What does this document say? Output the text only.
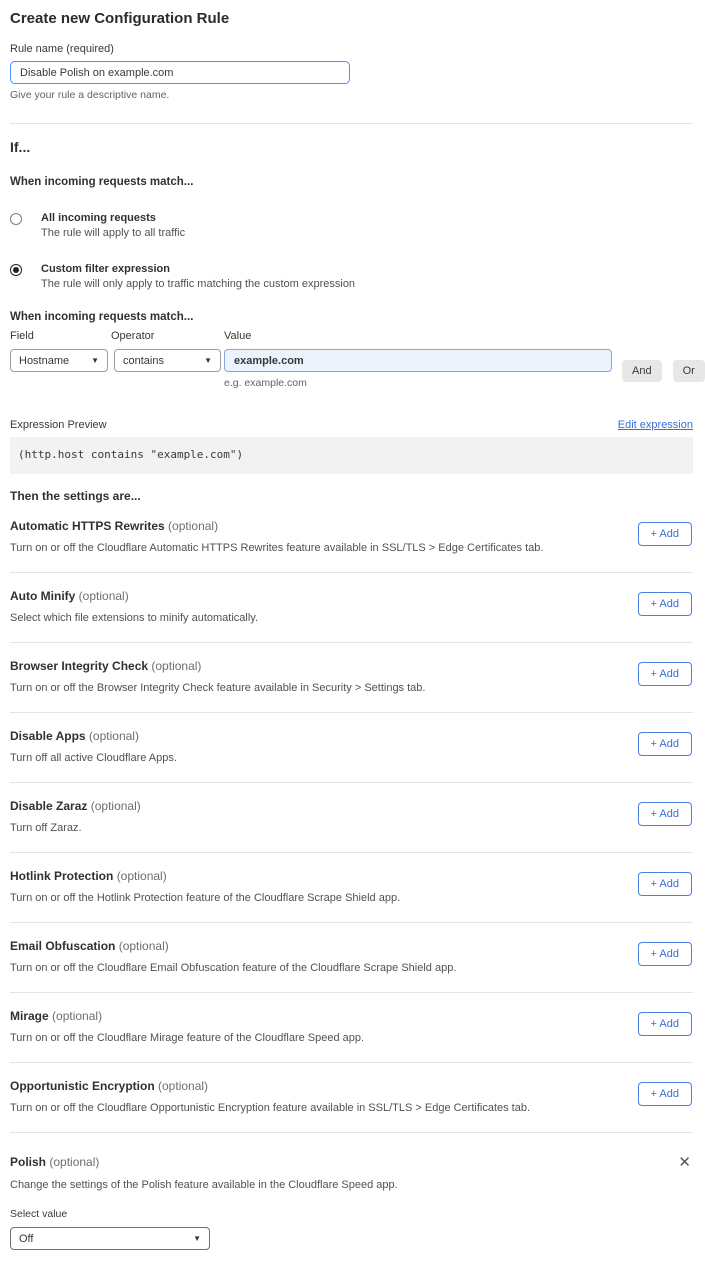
Create new Configuration Rule
Rule name (required)
Disable Polish on example.com
Give your rule a descriptive name.
If...
When incoming requests match...
All incoming requests
The rule will apply to all traffic
Custom filter expression
The rule will only apply to traffic matching the custom expression
When incoming requests match...
Field
Hostname	▼
Operator
contains	▼
Value
example.com
e.g. example.com
And	Or
Expression Preview	Edit expression
(http.host contains "example.com")
Then the settings are...
Automatic HTTPS Rewrites (optional)
Turn on or off the Cloudflare Automatic HTTPS Rewrites feature available in SSL/TLS > Edge Certificates tab.
+ Add
Auto Minify (optional)
Select which file extensions to minify automatically.
+ Add
Browser Integrity Check (optional)
Turn on or off the Browser Integrity Check feature available in Security > Settings tab.
+ Add
Disable Apps (optional)
Turn off all active Cloudflare Apps.
+ Add
Disable Zaraz (optional)
Turn off Zaraz.
+ Add
Hotlink Protection (optional)
Turn on or off the Hotlink Protection feature of the Cloudflare Scrape Shield app.
+ Add
Email Obfuscation (optional)
Turn on or off the Cloudflare Email Obfuscation feature of the Cloudflare Scrape Shield app.
+ Add
Mirage (optional)
Turn on or off the Cloudflare Mirage feature of the Cloudflare Speed app.
+ Add
Opportunistic Encryption (optional)
Turn on or off the Cloudflare Opportunistic Encryption feature available in SSL/TLS > Edge Certificates tab.
+ Add
Polish (optional)	✕
Change the settings of the Polish feature available in the Cloudflare Speed app.
Select value
Off	▼
